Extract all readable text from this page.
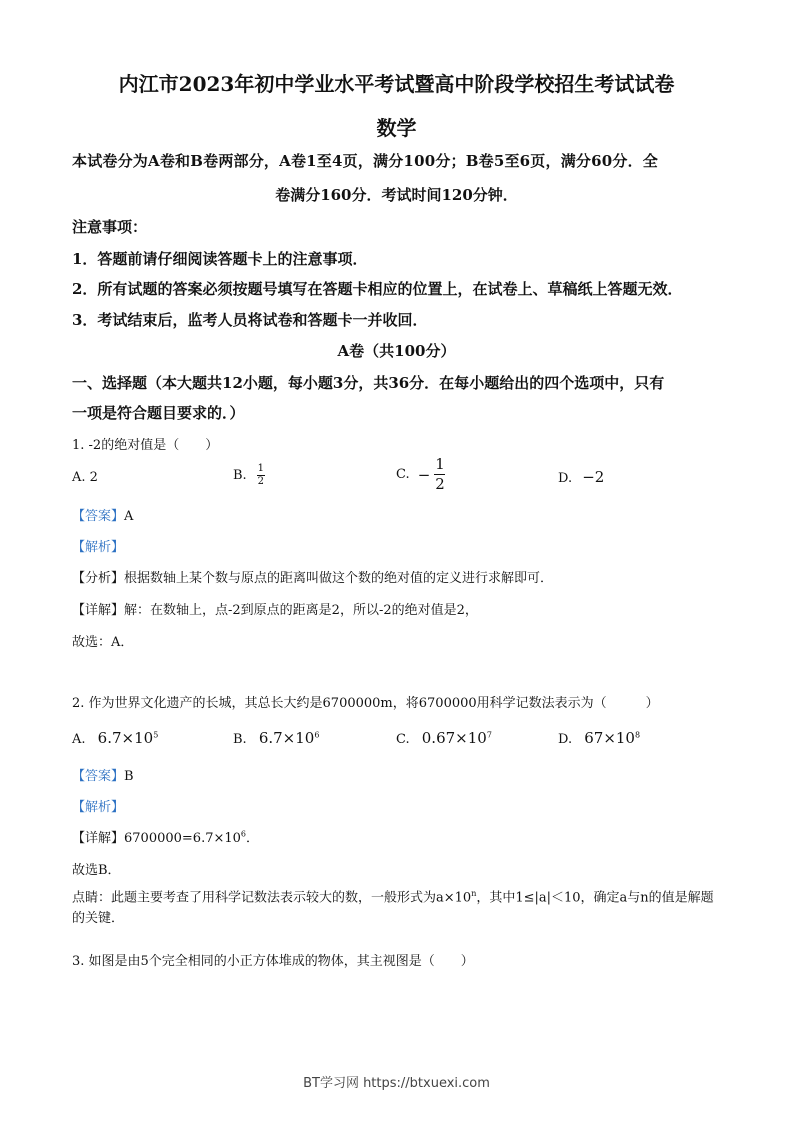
内江市2023年初中学业水平考试暨高中阶段学校招生考试试卷
数学
本试卷分为A卷和B卷两部分，A卷1至4页，满分100分；B卷5至6页，满分60分．全
卷满分160分．考试时间120分钟．
注意事项：
1．答题前请仔细阅读答题卡上的注意事项．
2．所有试题的答案必须按题号填写在答题卡相应的位置上，在试卷上、草稿纸上答题无效．
3．考试结束后，监考人员将试卷和答题卡一并收回．
A卷（共100分）
一、选择题（本大题共12小题，每小题3分，共36分．在每小题给出的四个选项中，只有
一项是符合题目要求的．）
1. -2的绝对值是（　　）
A. 2	B. $\frac{1}{2}$	C. − $\frac{1}{2}$	D. −2
【答案】A
【解析】
【分析】根据数轴上某个数与原点的距离叫做这个数的绝对值的定义进行求解即可．
【详解】解：在数轴上，点-2到原点的距离是2，所以-2的绝对值是2，
故选：A．
2. 作为世界文化遗产的长城，其总长大约是6700000m，将6700000用科学记数法表示为（　　　）
A. $6.7\times 10^5$	B. $6.7\times 10^6$	C. $0.67\times 10^7$	D. $67\times 10^8$
【答案】B
【解析】
【详解】$6700000=6.7\times 10^6$．
故选B．
点睛：此题主要考查了用科学记数法表示较大的数，一般形式为$a\times 10^n$，其中1≤|a|＜10，确定a与n的值是解题的关键．
3. 如图是由5个完全相同的小正方体堆成的物体，其主视图是（　　）
BT学习网 https://btxuexi.com
